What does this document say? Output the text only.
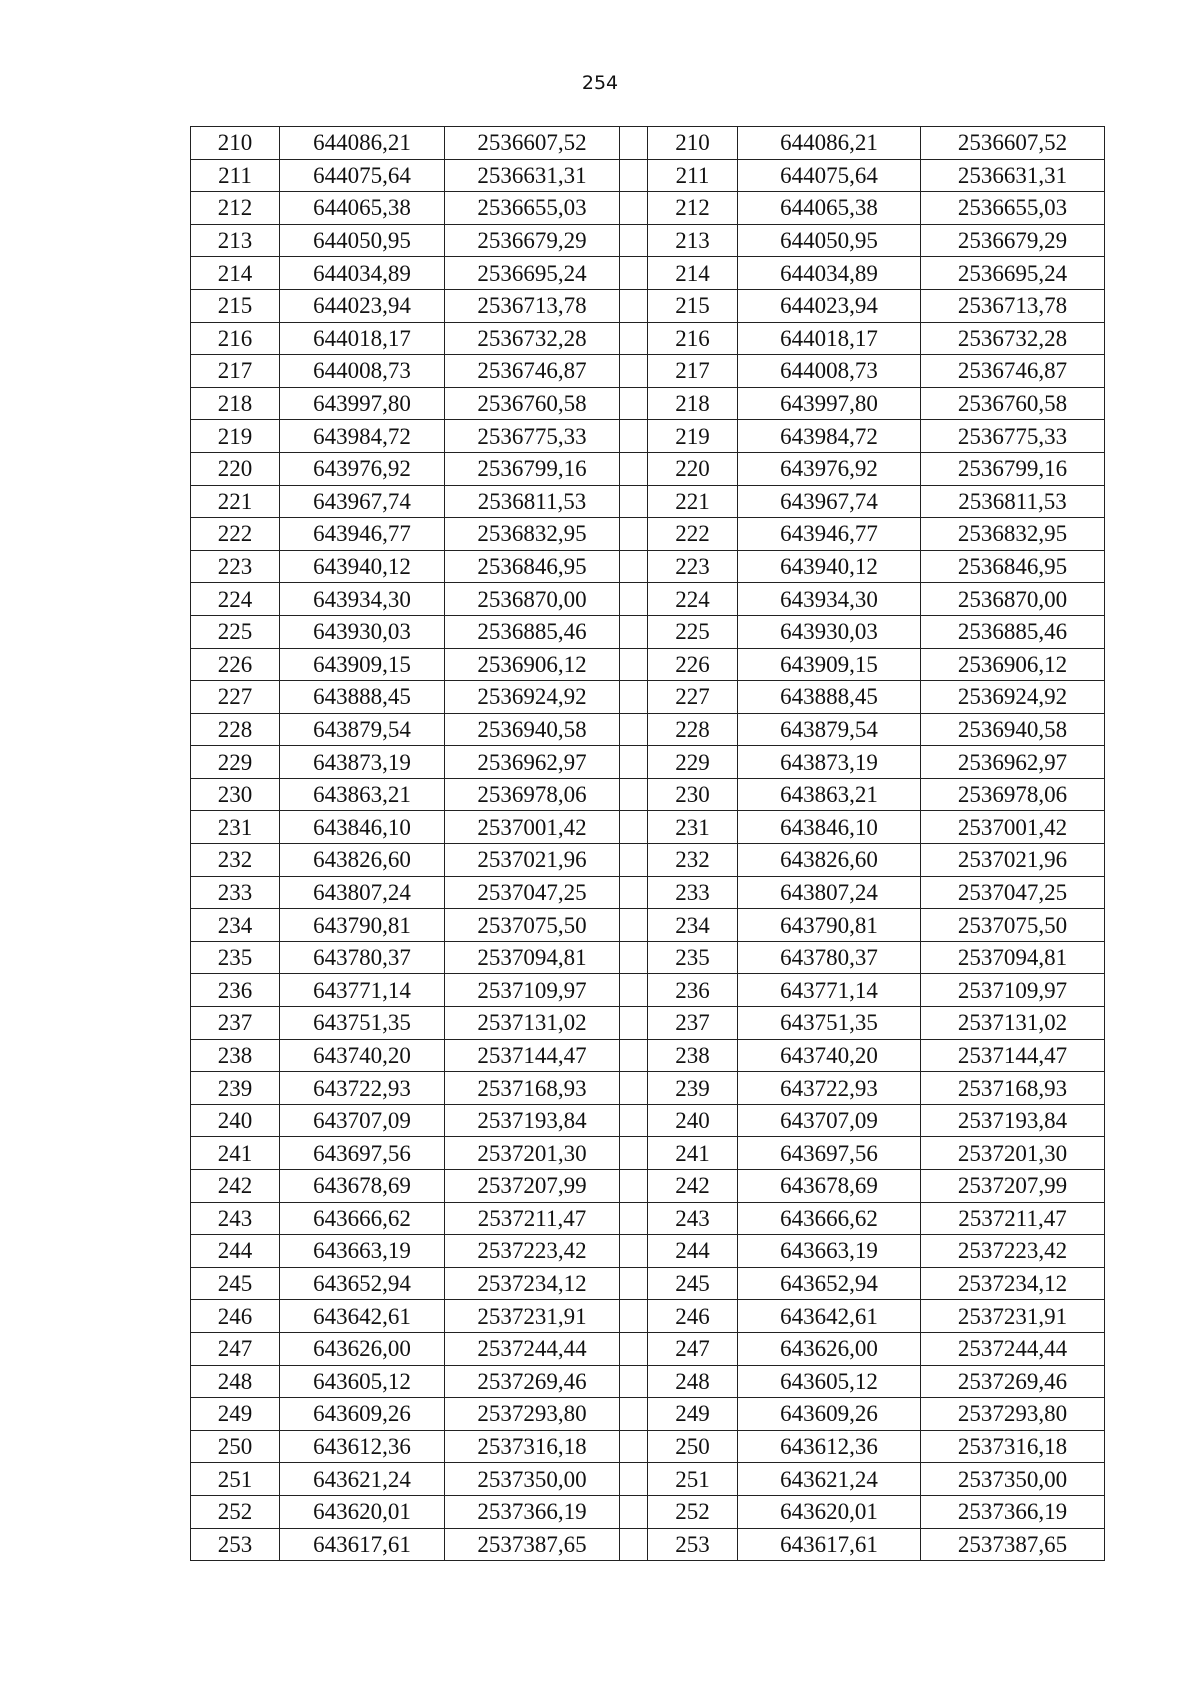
254
210	644086,21	2536607,52		210	644086,21	2536607,52
211	644075,64	2536631,31		211	644075,64	2536631,31
212	644065,38	2536655,03		212	644065,38	2536655,03
213	644050,95	2536679,29		213	644050,95	2536679,29
214	644034,89	2536695,24		214	644034,89	2536695,24
215	644023,94	2536713,78		215	644023,94	2536713,78
216	644018,17	2536732,28		216	644018,17	2536732,28
217	644008,73	2536746,87		217	644008,73	2536746,87
218	643997,80	2536760,58		218	643997,80	2536760,58
219	643984,72	2536775,33		219	643984,72	2536775,33
220	643976,92	2536799,16		220	643976,92	2536799,16
221	643967,74	2536811,53		221	643967,74	2536811,53
222	643946,77	2536832,95		222	643946,77	2536832,95
223	643940,12	2536846,95		223	643940,12	2536846,95
224	643934,30	2536870,00		224	643934,30	2536870,00
225	643930,03	2536885,46		225	643930,03	2536885,46
226	643909,15	2536906,12		226	643909,15	2536906,12
227	643888,45	2536924,92		227	643888,45	2536924,92
228	643879,54	2536940,58		228	643879,54	2536940,58
229	643873,19	2536962,97		229	643873,19	2536962,97
230	643863,21	2536978,06		230	643863,21	2536978,06
231	643846,10	2537001,42		231	643846,10	2537001,42
232	643826,60	2537021,96		232	643826,60	2537021,96
233	643807,24	2537047,25		233	643807,24	2537047,25
234	643790,81	2537075,50		234	643790,81	2537075,50
235	643780,37	2537094,81		235	643780,37	2537094,81
236	643771,14	2537109,97		236	643771,14	2537109,97
237	643751,35	2537131,02		237	643751,35	2537131,02
238	643740,20	2537144,47		238	643740,20	2537144,47
239	643722,93	2537168,93		239	643722,93	2537168,93
240	643707,09	2537193,84		240	643707,09	2537193,84
241	643697,56	2537201,30		241	643697,56	2537201,30
242	643678,69	2537207,99		242	643678,69	2537207,99
243	643666,62	2537211,47		243	643666,62	2537211,47
244	643663,19	2537223,42		244	643663,19	2537223,42
245	643652,94	2537234,12		245	643652,94	2537234,12
246	643642,61	2537231,91		246	643642,61	2537231,91
247	643626,00	2537244,44		247	643626,00	2537244,44
248	643605,12	2537269,46		248	643605,12	2537269,46
249	643609,26	2537293,80		249	643609,26	2537293,80
250	643612,36	2537316,18		250	643612,36	2537316,18
251	643621,24	2537350,00		251	643621,24	2537350,00
252	643620,01	2537366,19		252	643620,01	2537366,19
253	643617,61	2537387,65		253	643617,61	2537387,65
